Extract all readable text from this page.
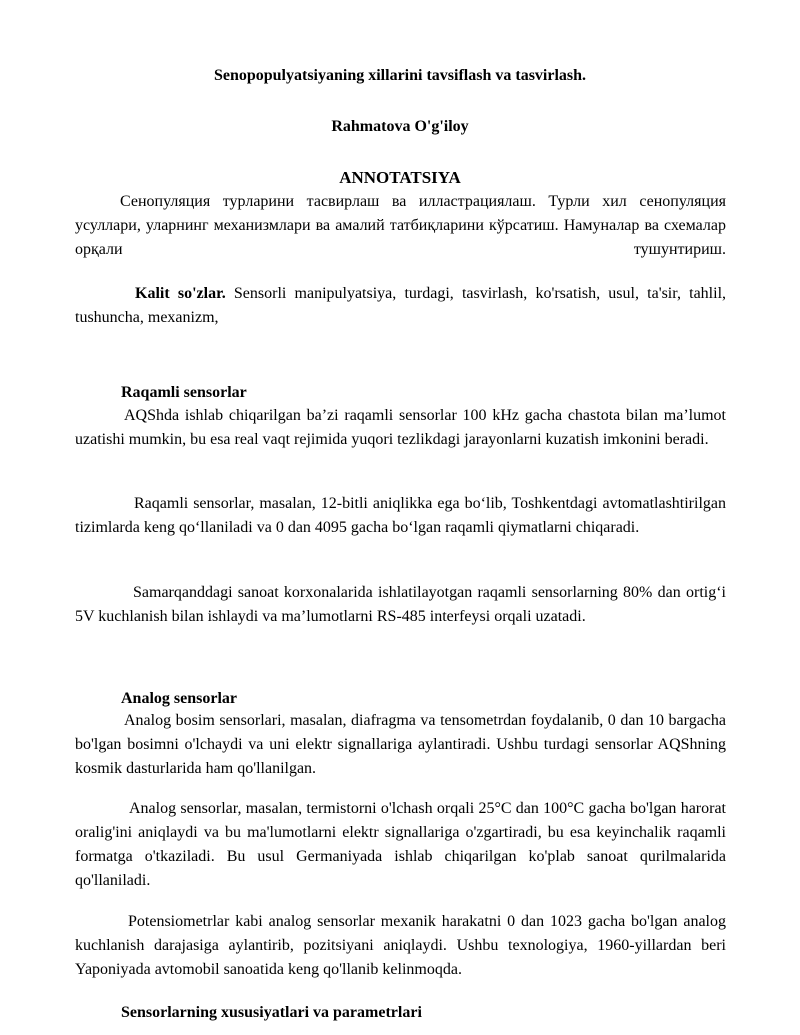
Senopopulyatsiyaning xillarini tavsiflash va tasvirlash.

Rahmatova O'g'iloy

ANNOTATSIYA

Сенопуляция турларини тасвирлаш ва иллаcтрациялаш. Турли хил сенопуляция усуллари, уларнинг механизмлари ва амалий татбиқларини кўрсатиш. Намуналар ва схемалар орқали тушунтириш.

Kalit so'zlar. Sensorli manipulyatsiya, turdagi, tasvirlash, ko'rsatish, usul, ta'sir, tahlil, tushuncha, mexanizm,

Raqamli sensorlar

AQShda ishlab chiqarilgan ba’zi raqamli sensorlar 100 kHz gacha chastota bilan ma’lumot uzatishi mumkin, bu esa real vaqt rejimida yuqori tezlikdagi jarayonlarni kuzatish imkonini beradi.

Raqamli sensorlar, masalan, 12-bitli aniqlikka ega bo‘lib, Toshkentdagi avtomatlashtirilgan tizimlarda keng qo‘llaniladi va 0 dan 4095 gacha bo‘lgan raqamli qiymatlarni chiqaradi.

Samarqanddagi sanoat korxonalarida ishlatilayotgan raqamli sensorlarning 80% dan ortig‘i 5V kuchlanish bilan ishlaydi va ma’lumotlarni RS-485 interfeysi orqali uzatadi.

Analog sensorlar

Analog bosim sensorlari, masalan, diafragma va tensometrdan foydalanib, 0 dan 10 bargacha bo'lgan bosimni o'lchaydi va uni elektr signallariga aylantiradi. Ushbu turdagi sensorlar AQShning kosmik dasturlarida ham qo'llanilgan.

Analog sensorlar, masalan, termistorni o'lchash orqali 25°C dan 100°C gacha bo'lgan harorat oralig'ini aniqlaydi va bu ma'lumotlarni elektr signallariga o'zgartiradi, bu esa keyinchalik raqamli formatga o'tkaziladi. Bu usul Germaniyada ishlab chiqarilgan ko'plab sanoat qurilmalarida qo'llaniladi.

Potensiometrlar kabi analog sensorlar mexanik harakatni 0 dan 1023 gacha bo'lgan analog kuchlanish darajasiga aylantirib, pozitsiyani aniqlaydi. Ushbu texnologiya, 1960-yillardan beri Yaponiyada avtomobil sanoatida keng qo'llanib kelinmoqda.

Sensorlarning xususiyatlari va parametrlari
